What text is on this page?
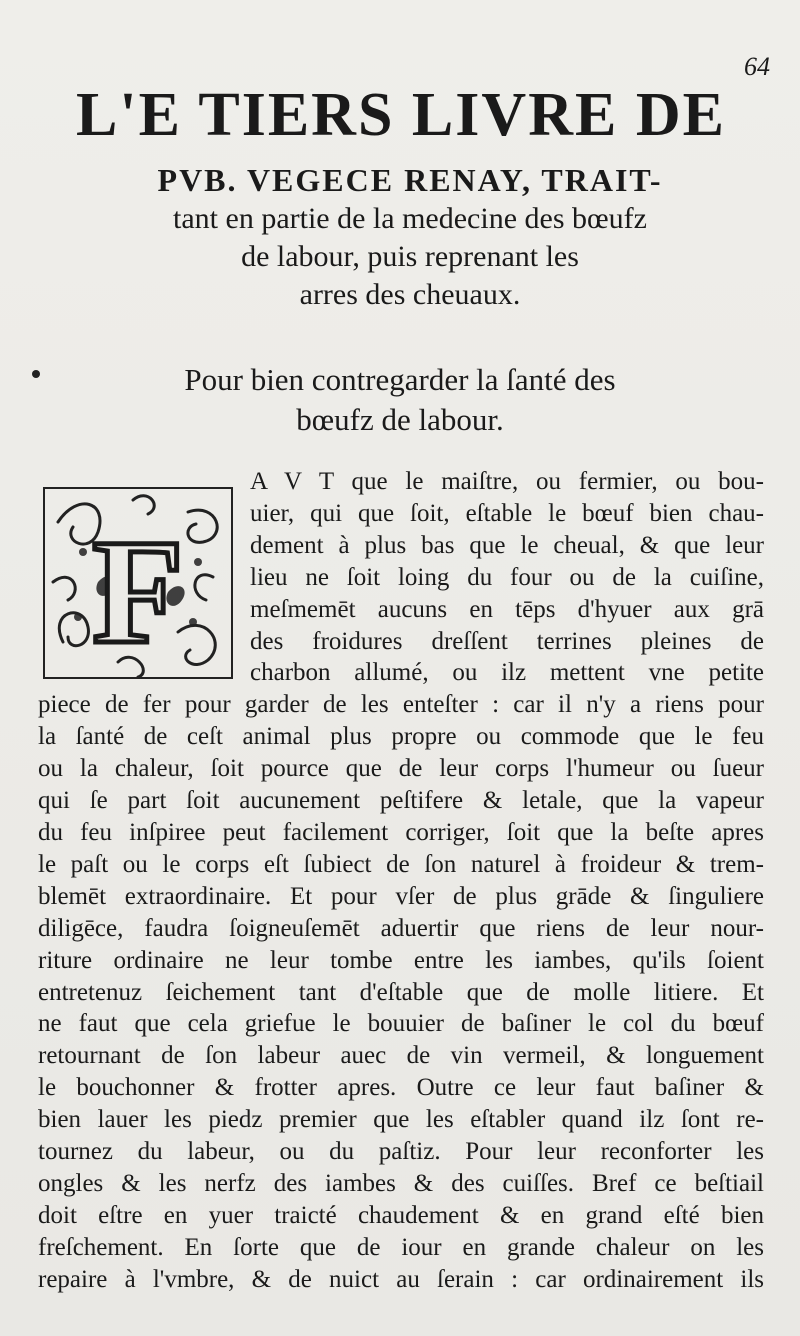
64
L'E TIERS LIVRE DE
PVB. VEGECE RENAY, TRAIT-
tant en partie de la medecine des bœufz
de labour, puis reprenant les
arres des cheuaux.
Pour bien contregarder la ſanté des
bœufz de labour.
F
A V T que le maiſtre, ou fermier, ou bou-
uier, qui que ſoit, eſtable le bœuf bien chau-
dement à plus bas que le cheual, & que leur
lieu ne ſoit loing du four ou de la cuiſine,
meſmemēt aucuns en tēps d'hyuer aux grā
des froidures dreſſent terrines pleines de
charbon allumé, ou ilz mettent vne petite
piece de fer pour garder de les enteſter : car il n'y a riens pour
la ſanté de ceſt animal plus propre ou commode que le feu
ou la chaleur, ſoit pource que de leur corps l'humeur ou ſueur
qui ſe part ſoit aucunement peſtifere & letale, que la vapeur
du feu inſpiree peut facilement corriger, ſoit que la beſte apres
le paſt ou le corps eſt ſubiect de ſon naturel à froideur & trem-
blemēt extraordinaire. Et pour vſer de plus grāde & ſinguliere
diligēce, faudra ſoigneuſemēt aduertir que riens de leur nour-
riture ordinaire ne leur tombe entre les iambes, qu'ils ſoient
entretenuz ſeichement tant d'eſtable que de molle litiere. Et
ne faut que cela griefue le bouuier de baſiner le col du bœuf
retournant de ſon labeur auec de vin vermeil, & longuement
le bouchonner & frotter apres. Outre ce leur faut baſiner &
bien lauer les piedz premier que les eſtabler quand ilz ſont re-
tournez du labeur, ou du paſtiz. Pour leur reconforter les
ongles & les nerfz des iambes & des cuiſſes. Bref ce beſtiail
doit eſtre en yuer traicté chaudement & en grand eſté bien
freſchement. En ſorte que de iour en grande chaleur on les
repaire à l'vmbre, & de nuict au ſerain : car ordinairement ils
